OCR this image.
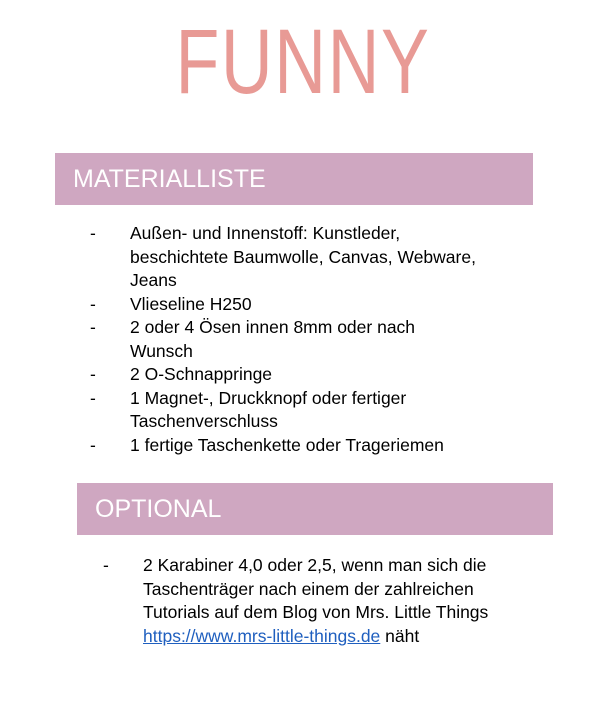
FUNNY
MATERIALLISTE
- Außen- und Innenstoff: Kunstleder, beschichtete Baumwolle, Canvas, Webware, Jeans
- Vlieseline H250
- 2 oder 4 Ösen innen 8mm oder nach Wunsch
- 2 O-Schnappringe
- 1 Magnet-, Druckknopf oder fertiger Taschenverschluss
- 1 fertige Taschenkette oder Trageriemen
OPTIONAL
- 2 Karabiner 4,0 oder 2,5, wenn man sich die Taschenträger nach einem der zahlreichen Tutorials auf dem Blog von Mrs. Little Things https://www.mrs-little-things.de näht
